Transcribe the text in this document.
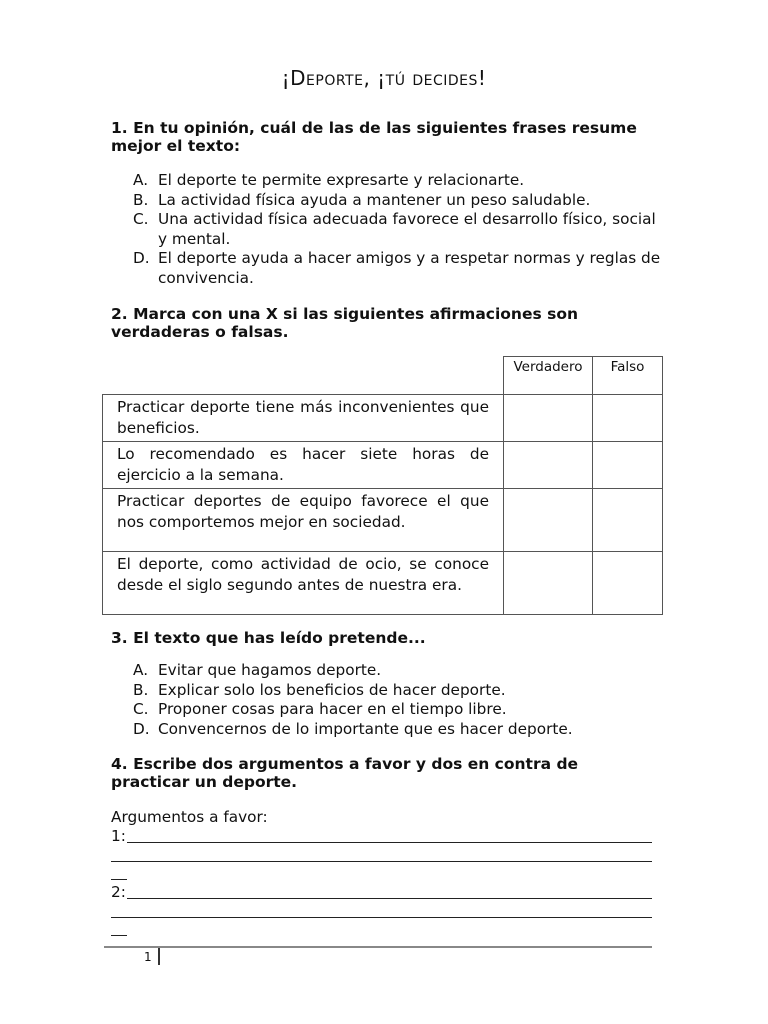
¡Deporte, ¡tú decides!
1. En tu opinión, cuál de las de las siguientes frases resume mejor el texto:
A. El deporte te permite expresarte y relacionarte.
B. La actividad física ayuda a mantener un peso saludable.
C. Una actividad física adecuada favorece el desarrollo físico, social y mental.
D. El deporte ayuda a hacer amigos y a respetar normas y reglas de convivencia.
2. Marca con una X si las siguientes afirmaciones son verdaderas o falsas.
	Verdadero	Falso
Practicar deporte tiene más inconvenientes que beneficios.		
Lo recomendado es hacer siete horas de ejercicio a la semana.		
Practicar deportes de equipo favorece el que nos comportemos mejor en sociedad.		
El deporte, como actividad de ocio, se conoce desde el siglo segundo antes de nuestra era.		
3. El texto que has leído pretende...
A. Evitar que hagamos deporte.
B. Explicar solo los beneficios de hacer deporte.
C. Proponer cosas para hacer en el tiempo libre.
D. Convencernos de lo importante que es hacer deporte.
4. Escribe dos argumentos a favor y dos en contra de practicar un deporte.
Argumentos a favor:
1:
2:
1
